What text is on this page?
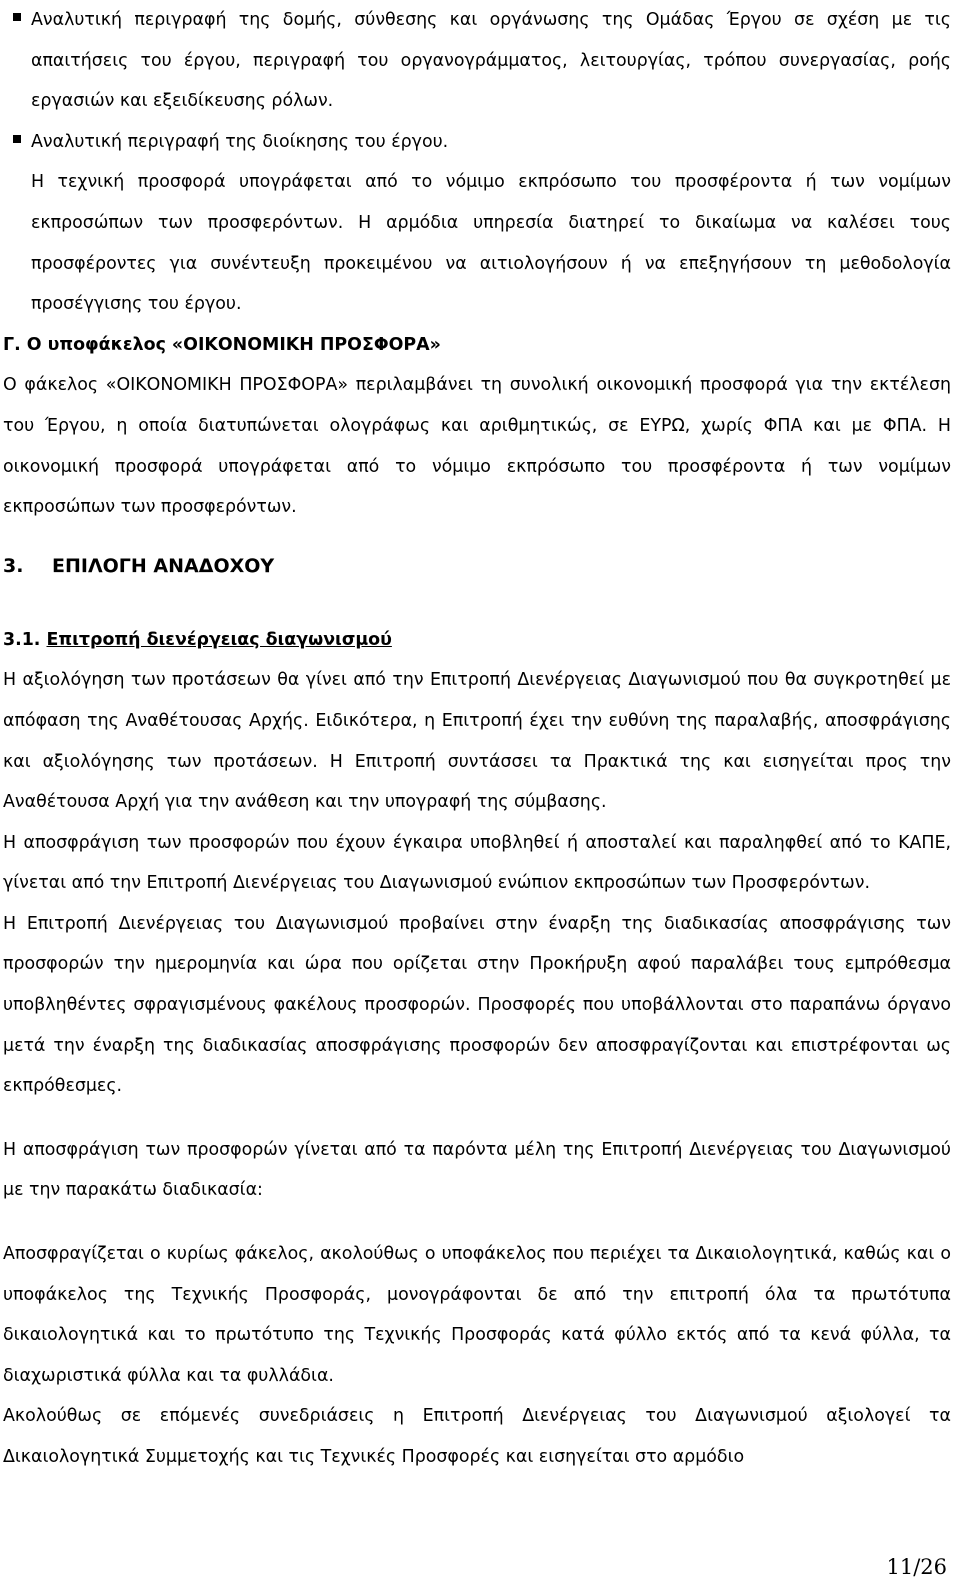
Αναλυτική περιγραφή της δομής, σύνθεσης και οργάνωσης της Ομάδας Έργου σε σχέση με τις απαιτήσεις του έργου, περιγραφή του οργανογράμματος, λειτουργίας, τρόπου συνεργασίας, ροής εργασιών και εξειδίκευσης ρόλων.

Αναλυτική περιγραφή της διοίκησης του έργου.

Η τεχνική προσφορά υπογράφεται από το νόμιμο εκπρόσωπο του προσφέροντα ή των νομίμων εκπροσώπων των προσφερόντων. Η αρμόδια υπηρεσία διατηρεί το δικαίωμα να καλέσει τους προσφέροντες για συνέντευξη προκειμένου να αιτιολογήσουν ή να επεξηγήσουν τη μεθοδολογία προσέγγισης του έργου.

Γ. Ο υποφάκελος «ΟΙΚΟΝΟΜΙΚΗ ΠΡΟΣΦΟΡΑ»

Ο φάκελος «ΟΙΚΟΝΟΜΙΚΗ ΠΡΟΣΦΟΡΑ» περιλαμβάνει τη συνολική οικονομική προσφορά για την εκτέλεση του Έργου, η οποία διατυπώνεται ολογράφως και αριθμητικώς, σε ΕΥΡΩ, χωρίς ΦΠΑ και με ΦΠΑ. Η οικονομική προσφορά υπογράφεται από το νόμιμο εκπρόσωπο του προσφέροντα ή των νομίμων εκπροσώπων των προσφερόντων.

3. ΕΠΙΛΟΓΗ ΑΝΑΔΟΧΟΥ

3.1. Επιτροπή διενέργειας διαγωνισμού

Η αξιολόγηση των προτάσεων θα γίνει από την Επιτροπή Διενέργειας Διαγωνισμού που θα συγκροτηθεί με απόφαση της Αναθέτουσας Αρχής. Ειδικότερα, η Επιτροπή έχει την ευθύνη της παραλαβής, αποσφράγισης και αξιολόγησης των προτάσεων. Η Επιτροπή συντάσσει τα Πρακτικά της και εισηγείται προς την Αναθέτουσα Αρχή για την ανάθεση και την υπογραφή της σύμβασης.

Η αποσφράγιση των προσφορών που έχουν έγκαιρα υποβληθεί ή αποσταλεί και παραληφθεί από το ΚΑΠΕ, γίνεται από την Επιτροπή Διενέργειας του Διαγωνισμού ενώπιον εκπροσώπων των Προσφερόντων.

Η Επιτροπή Διενέργειας του Διαγωνισμού προβαίνει στην έναρξη της διαδικασίας αποσφράγισης των προσφορών την ημερομηνία και ώρα που ορίζεται στην Προκήρυξη αφού παραλάβει τους εμπρόθεσμα υποβληθέντες σφραγισμένους φακέλους προσφορών. Προσφορές που υποβάλλονται στο παραπάνω όργανο μετά την έναρξη της διαδικασίας αποσφράγισης προσφορών δεν αποσφραγίζονται και επιστρέφονται ως εκπρόθεσμες.

Η αποσφράγιση των προσφορών γίνεται από τα παρόντα μέλη της Επιτροπή Διενέργειας του Διαγωνισμού με την παρακάτω διαδικασία:

Αποσφραγίζεται ο κυρίως φάκελος, ακολούθως ο υποφάκελος που περιέχει τα Δικαιολογητικά, καθώς και ο υποφάκελος της Τεχνικής Προσφοράς, μονογράφονται δε από την επιτροπή όλα τα πρωτότυπα δικαιολογητικά και το πρωτότυπο της Τεχνικής Προσφοράς κατά φύλλο εκτός από τα κενά φύλλα, τα διαχωριστικά φύλλα και τα φυλλάδια.

Ακολούθως σε επόμενές συνεδριάσεις η Επιτροπή Διενέργειας του Διαγωνισμού αξιολογεί τα Δικαιολογητικά Συμμετοχής και τις Τεχνικές Προσφορές και εισηγείται στο αρμόδιο

11/26
